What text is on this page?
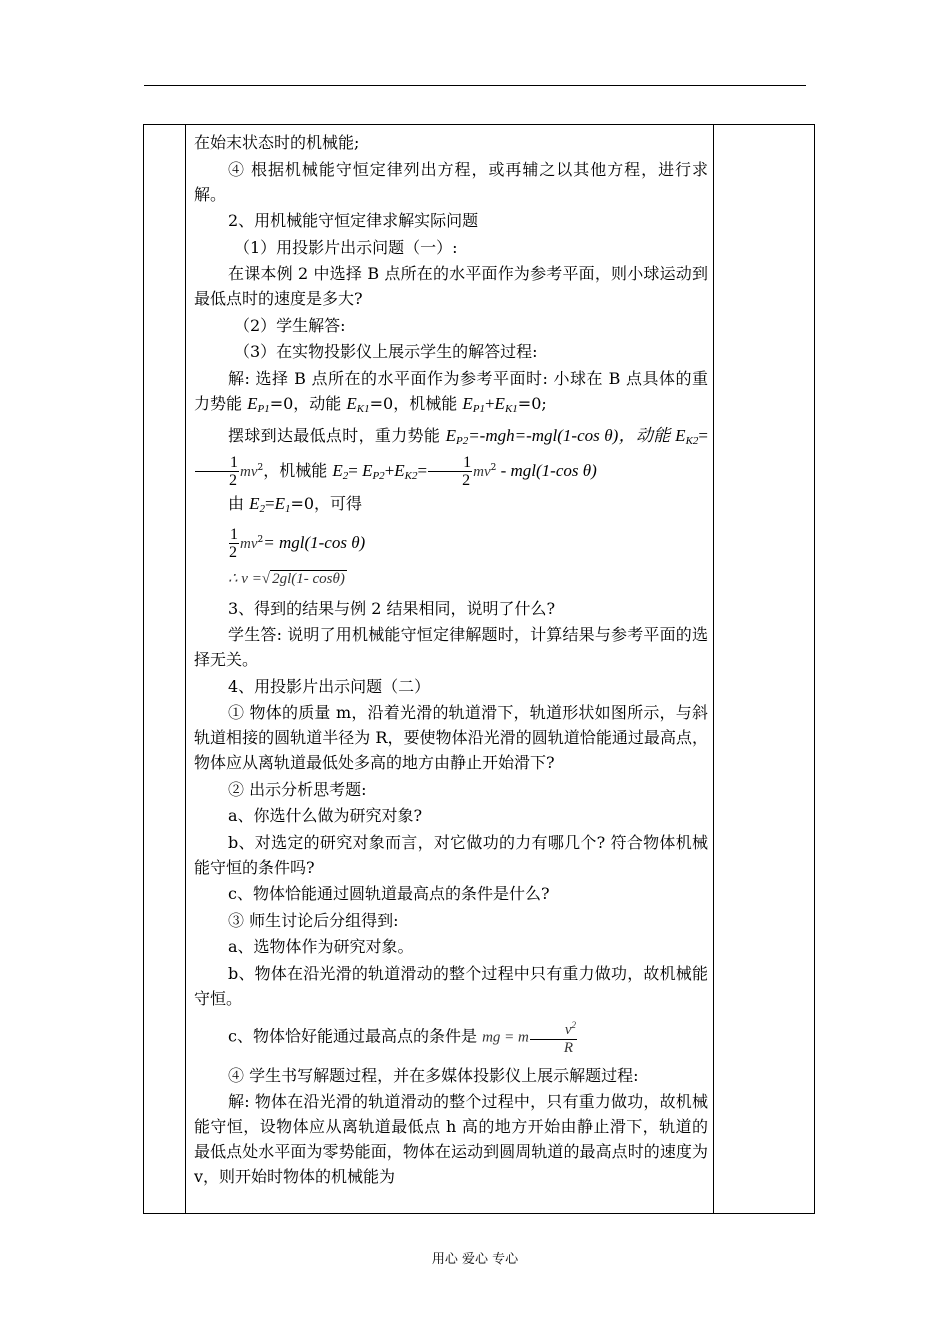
在始末状态时的机械能;

④ 根据机械能守恒定律列出方程，或再辅之以其他方程，进行求解。

2、用机械能守恒定律求解实际问题

（1）用投影片出示问题（一）:

在课本例 2 中选择 B 点所在的水平面作为参考平面，则小球运动到最低点时的速度是多大?

（2）学生解答:

（3）在实物投影仪上展示学生的解答过程:

解: 选择 B 点所在的水平面作为参考平面时: 小球在 B 点具体的重力势能 $E_{P1}=0$，动能 $E_{K1}=0$，机械能 $E_{P1}+E_{K1}=0$;

摆球到达最低点时，重力势能 $E_{P2}=-mgh=-mgl(1-\cos$ θ)，动能 $E_{K2}=$
$\frac{1}{2} mv^2$，机械能 $E_2= E_{P2}+E_{K2}= \frac{1}{2} mv^2 - mgl(1-\cos$ θ)

由 $E_2=E_1=0$，可得

$\frac{1}{2} mv^2= mgl(1-\cos$ θ)

∴ v =√ 2gl(1- cosθ)

3、得到的结果与例 2 结果相同，说明了什么?

学生答: 说明了用机械能守恒定律解题时，计算结果与参考平面的选择无关。

4、用投影片出示问题（二）

① 物体的质量 m，沿着光滑的轨道滑下，轨道形状如图所示，与斜轨道相接的圆轨道半径为 R，要使物体沿光滑的圆轨道恰能通过最高点，物体应从离轨道最低处多高的地方由静止开始滑下?

② 出示分析思考题:

a、你选什么做为研究对象?

b、对选定的研究对象而言，对它做功的力有哪几个? 符合物体机械能守恒的条件吗?

c、物体恰能通过圆轨道最高点的条件是什么?

③ 师生讨论后分组得到:

a、选物体作为研究对象。

b、物体在沿光滑的轨道滑动的整个过程中只有重力做功，故机械能守恒。

c、物体恰好能通过最高点的条件是 mg = m $\frac{v^2}{R}$

④ 学生书写解题过程，并在多媒体投影仪上展示解题过程:

解: 物体在沿光滑的轨道滑动的整个过程中，只有重力做功，故机械能守恒，设物体应从离轨道最低点 h 高的地方开始由静止滑下，轨道的最低点处水平面为零势能面，物体在运动到圆周轨道的最高点时的速度为 v，则开始时物体的机械能为

用心 爱心 专心
